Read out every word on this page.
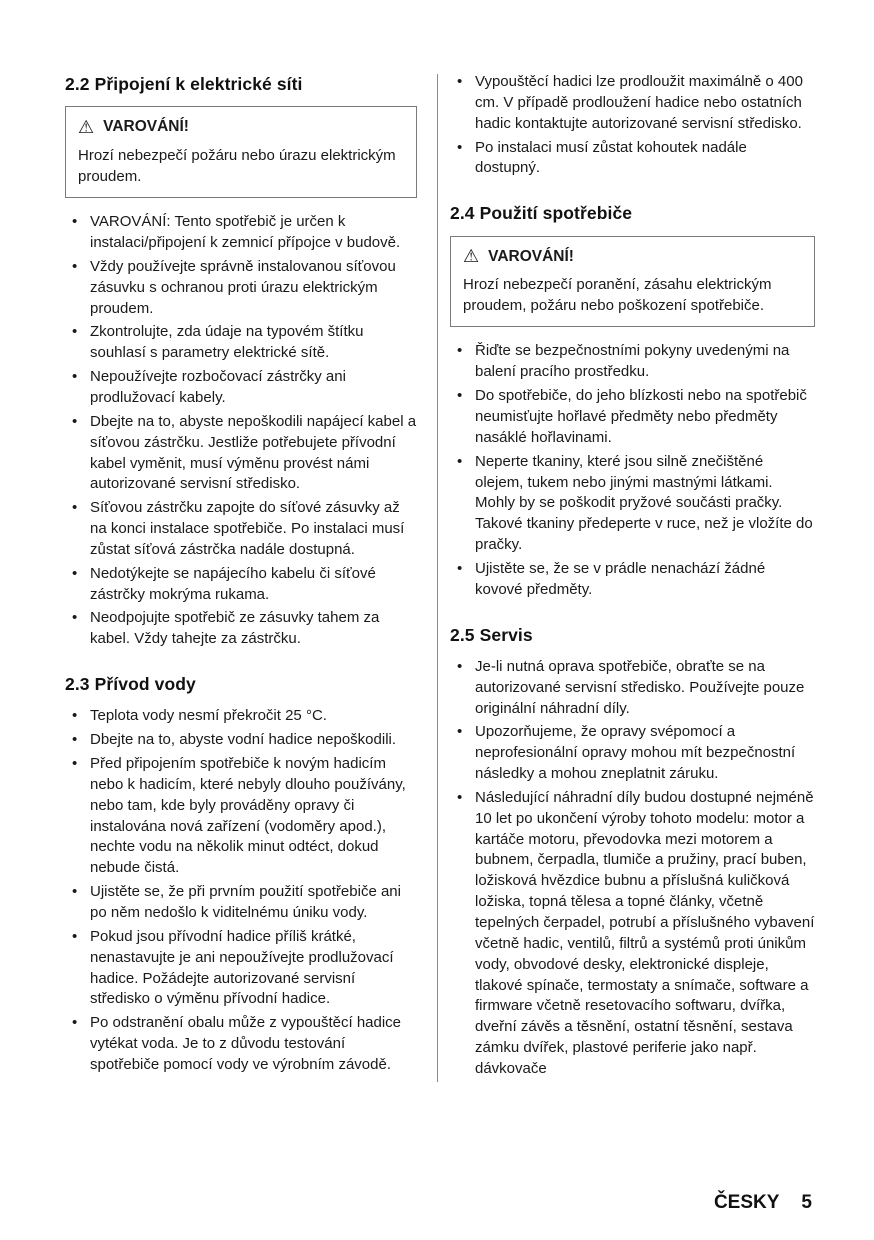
2.2 Připojení k elektrické síti
⚠ VAROVÁNÍ!
Hrozí nebezpečí požáru nebo úrazu elektrickým proudem.
• VAROVÁNÍ: Tento spotřebič je určen k instalaci/připojení k zemnicí přípojce v budově.
• Vždy používejte správně instalovanou síťovou zásuvku s ochranou proti úrazu elektrickým proudem.
• Zkontrolujte, zda údaje na typovém štítku souhlasí s parametry elektrické sítě.
• Nepoužívejte rozbočovací zástrčky ani prodlužovací kabely.
• Dbejte na to, abyste nepoškodili napájecí kabel a síťovou zástrčku. Jestliže potřebujete přívodní kabel vyměnit, musí výměnu provést námi autorizované servisní středisko.
• Síťovou zástrčku zapojte do síťové zásuvky až na konci instalace spotřebiče. Po instalaci musí zůstat síťová zástrčka nadále dostupná.
• Nedotýkejte se napájecího kabelu či síťové zástrčky mokrýma rukama.
• Neodpojujte spotřebič ze zásuvky tahem za kabel. Vždy tahejte za zástrčku.
2.3 Přívod vody
• Teplota vody nesmí překročit 25 °C.
• Dbejte na to, abyste vodní hadice nepoškodili.
• Před připojením spotřebiče k novým hadicím nebo k hadicím, které nebyly dlouho používány, nebo tam, kde byly prováděny opravy či instalována nová zařízení (vodoměry apod.), nechte vodu na několik minut odtéct, dokud nebude čistá.
• Ujistěte se, že při prvním použití spotřebiče ani po něm nedošlo k viditelnému úniku vody.
• Pokud jsou přívodní hadice příliš krátké, nenastavujte je ani nepoužívejte prodlužovací hadice. Požádejte autorizované servisní středisko o výměnu přívodní hadice.
• Po odstranění obalu může z vypouštěcí hadice vytékat voda. Je to z důvodu testování spotřebiče pomocí vody ve výrobním závodě.
• Vypouštěcí hadici lze prodloužit maximálně o 400 cm. V případě prodloužení hadice nebo ostatních hadic kontaktujte autorizované servisní středisko.
• Po instalaci musí zůstat kohoutek nadále dostupný.
2.4 Použití spotřebiče
⚠ VAROVÁNÍ!
Hrozí nebezpečí poranění, zásahu elektrickým proudem, požáru nebo poškození spotřebiče.
• Řiďte se bezpečnostními pokyny uvedenými na balení pracího prostředku.
• Do spotřebiče, do jeho blízkosti nebo na spotřebič neumisťujte hořlavé předměty nebo předměty nasáklé hořlavinami.
• Neperte tkaniny, které jsou silně znečištěné olejem, tukem nebo jinými mastnými látkami. Mohly by se poškodit pryžové součásti pračky. Takové tkaniny předeperte v ruce, než je vložíte do pračky.
• Ujistěte se, že se v prádle nenachází žádné kovové předměty.
2.5 Servis
• Je-li nutná oprava spotřebiče, obraťte se na autorizované servisní středisko. Používejte pouze originální náhradní díly.
• Upozorňujeme, že opravy svépomocí a neprofesionální opravy mohou mít bezpečnostní následky a mohou zneplatnit záruku.
• Následující náhradní díly budou dostupné nejméně 10 let po ukončení výroby tohoto modelu: motor a kartáče motoru, převodovka mezi motorem a bubnem, čerpadla, tlumiče a pružiny, prací buben, ložisková hvězdice bubnu a příslušná kuličková ložiska, topná tělesa a topné články, včetně tepelných čerpadel, potrubí a příslušného vybavení včetně hadic, ventilů, filtrů a systémů proti únikům vody, obvodové desky, elektronické displeje, tlakové spínače, termostaty a snímače, software a firmware včetně resetovacího softwaru, dvířka, dveřní závěs a těsnění, ostatní těsnění, sestava zámku dvířek, plastové periferie jako např. dávkovače
ČESKY 5
